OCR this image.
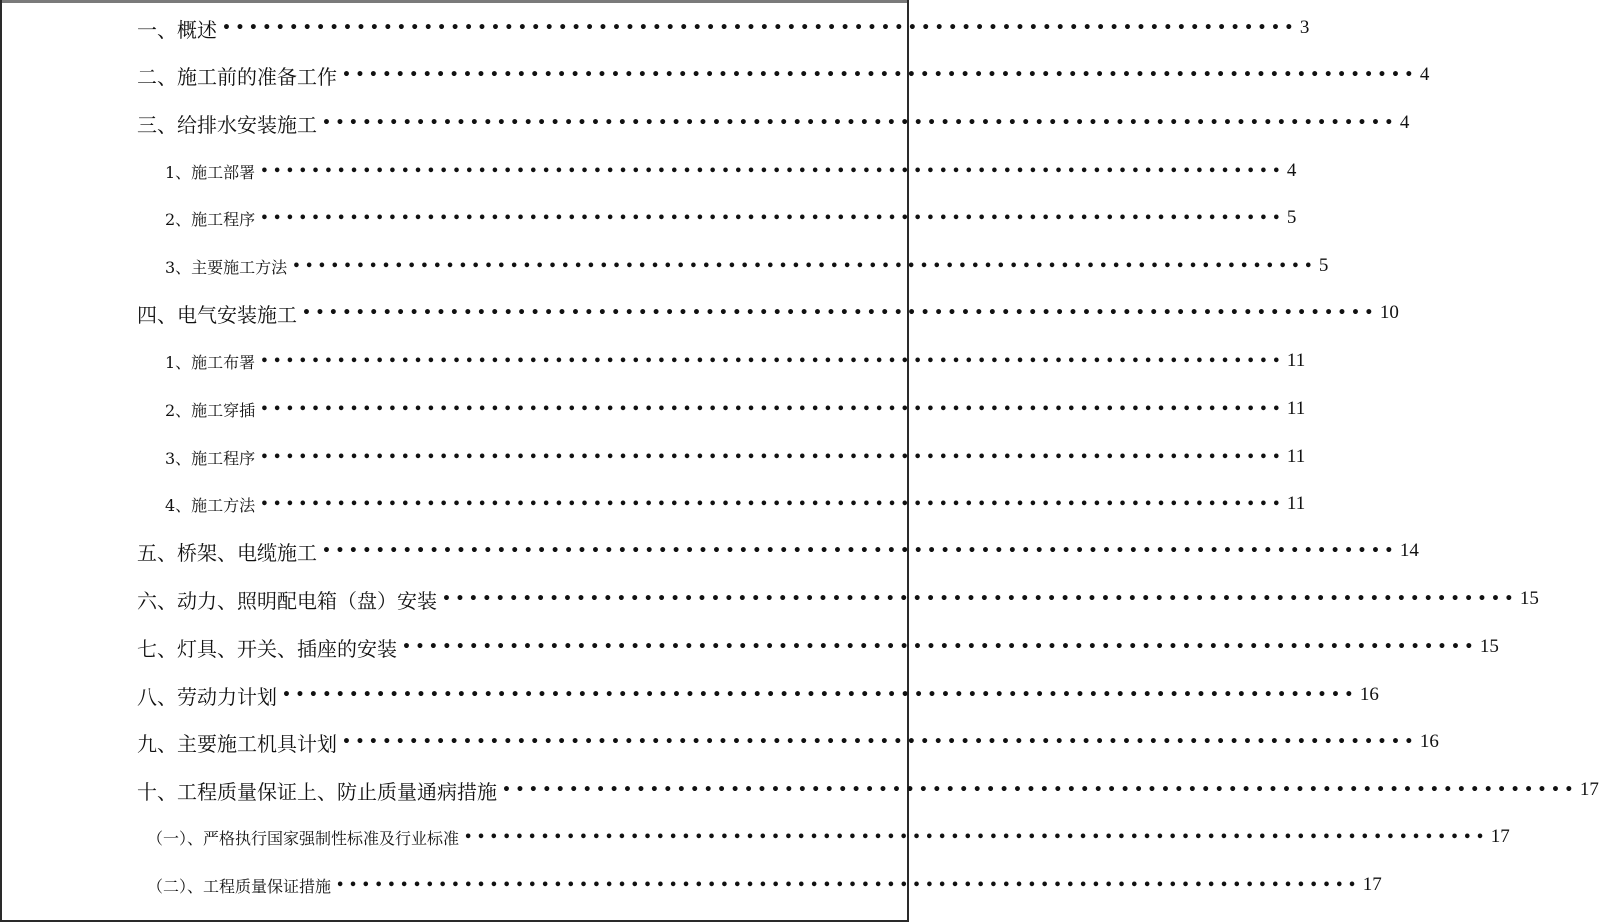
一、概述 •••••••••••••••••••••••••••••••••••••••••••••••••••••••••••••••••••••••••••••••• 3
二、施工前的准备工作 •••••••••••••••••••••••••••••••••••••••••••••••••••••••••••••••••••••••••••••••• 4
三、给排水安装施工 •••••••••••••••••••••••••••••••••••••••••••••••••••••••••••••••••••••••••••••••• 4
1、施工部署 •••••••••••••••••••••••••••••••••••••••••••••••••••••••••••••••••••••••••••••••• 4
2、施工程序 •••••••••••••••••••••••••••••••••••••••••••••••••••••••••••••••••••••••••••••••• 5
3、主要施工方法 •••••••••••••••••••••••••••••••••••••••••••••••••••••••••••••••••••••••••••••••• 5
四、电气安装施工 •••••••••••••••••••••••••••••••••••••••••••••••••••••••••••••••••••••••••••••••• 10
1、施工布署 •••••••••••••••••••••••••••••••••••••••••••••••••••••••••••••••••••••••••••••••• 11
2、施工穿插 •••••••••••••••••••••••••••••••••••••••••••••••••••••••••••••••••••••••••••••••• 11
3、施工程序 •••••••••••••••••••••••••••••••••••••••••••••••••••••••••••••••••••••••••••••••• 11
4、施工方法 •••••••••••••••••••••••••••••••••••••••••••••••••••••••••••••••••••••••••••••••• 11
五、桥架、电缆施工 •••••••••••••••••••••••••••••••••••••••••••••••••••••••••••••••••••••••••••••••• 14
六、动力、照明配电箱（盘）安装 •••••••••••••••••••••••••••••••••••••••••••••••••••••••••••••••••••••••••••••••• 15
七、灯具、开关、插座的安装 •••••••••••••••••••••••••••••••••••••••••••••••••••••••••••••••••••••••••••••••• 15
八、劳动力计划 •••••••••••••••••••••••••••••••••••••••••••••••••••••••••••••••••••••••••••••••• 16
九、主要施工机具计划 •••••••••••••••••••••••••••••••••••••••••••••••••••••••••••••••••••••••••••••••• 16
十、工程质量保证上、防止质量通病措施 •••••••••••••••••••••••••••••••••••••••••••••••••••••••••••••••••••••••••••••••• 17
（一）、严格执行国家强制性标准及行业标准 •••••••••••••••••••••••••••••••••••••••••••••••••••••••••••••••••••••••••••••••• 17
（二）、工程质量保证措施 •••••••••••••••••••••••••••••••••••••••••••••••••••••••••••••••••••••••••••••••• 17
